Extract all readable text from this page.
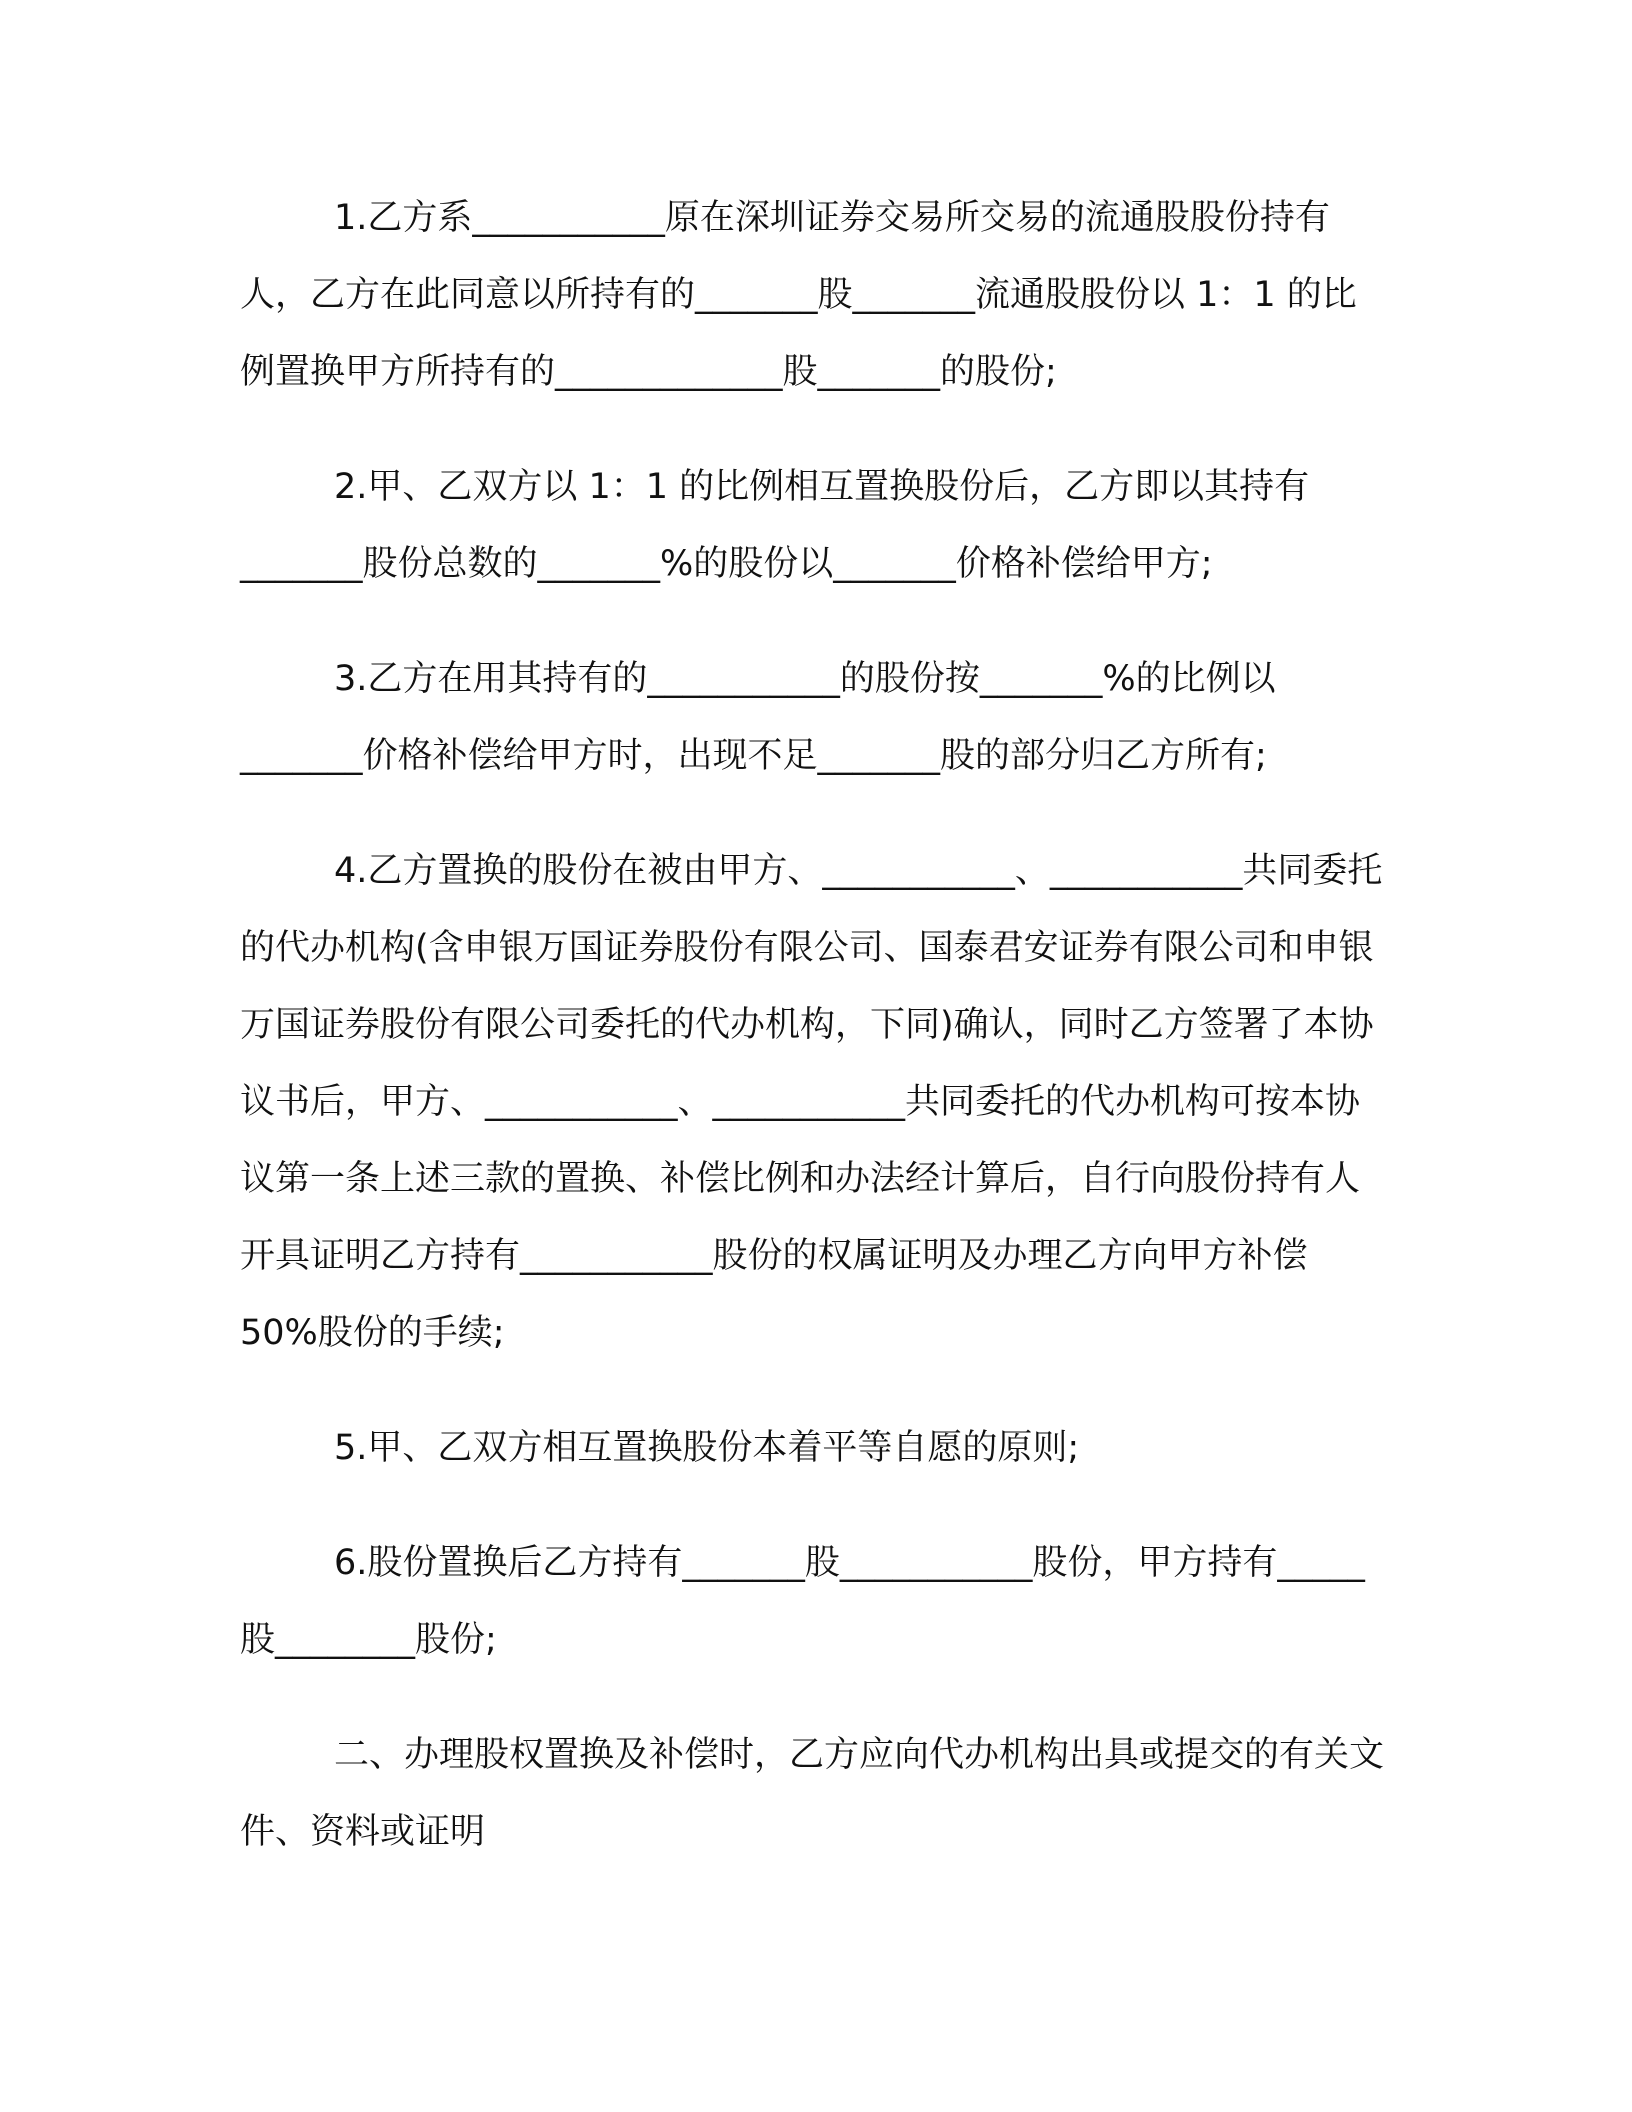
1.乙方系___________原在深圳证券交易所交易的流通股股份持有人，乙方在此同意以所持有的_______股_______流通股股份以 1：1 的比例置换甲方所持有的_____________股_______的股份;

2.甲、乙双方以 1：1 的比例相互置换股份后，乙方即以其持有_______股份总数的_______%的股份以_______价格补偿给甲方;

3.乙方在用其持有的___________的股份按_______%的比例以_______价格补偿给甲方时，出现不足_______股的部分归乙方所有;

4.乙方置换的股份在被由甲方、___________、___________共同委托的代办机构(含申银万国证券股份有限公司、国泰君安证券有限公司和申银万国证券股份有限公司委托的代办机构，下同)确认，同时乙方签署了本协议书后，甲方、___________、___________共同委托的代办机构可按本协议第一条上述三款的置换、补偿比例和办法经计算后，自行向股份持有人开具证明乙方持有___________股份的权属证明及办理乙方向甲方补偿 50%股份的手续;

5.甲、乙双方相互置换股份本着平等自愿的原则;

6.股份置换后乙方持有_______股___________股份，甲方持有_____股________股份;

二、办理股权置换及补偿时，乙方应向代办机构出具或提交的有关文件、资料或证明
